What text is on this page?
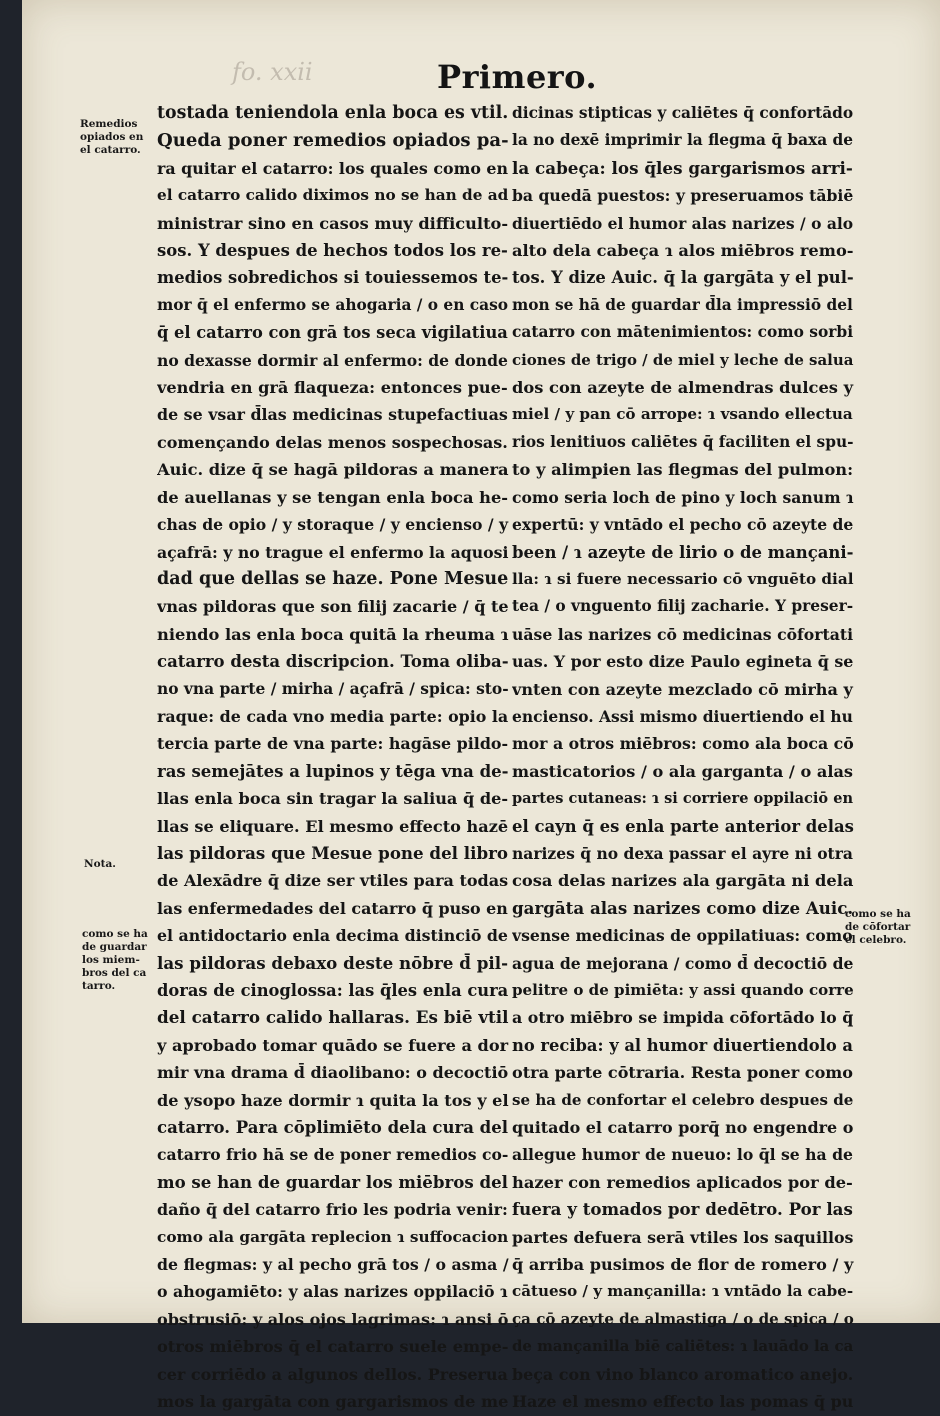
fo. xxii	Primero.
Remedios
opiados en
el catarro.
Nota.
como se ha
de guardar
los miem-
bros del ca
tarro.
como se ha
de cōfortar
el celebro.
tostada teniendola enla boca es vtil.
Queda poner remedios opiados pa-
ra quitar el catarro: los quales como en
el catarro calido diximos no se han de ad
ministrar sino en casos muy difficulto-
sos. Y despues de hechos todos los re-
medios sobredichos si touiessemos te-
mor q̄ el enfermo se ahogaria / o en caso
q̄ el catarro con grā tos seca vigilatiua
no dexasse dormir al enfermo: de donde
vendria en grā flaqueza: entonces pue-
de se vsar d̄las medicinas stupefactiuas
començando delas menos sospechosas.
Auic. dize q̄ se hagā pildoras a manera
de auellanas y se tengan enla boca he-
chas de opio / y storaque / y encienso / y
açafrā: y no trague el enfermo la aquosi
dad que dellas se haze. Pone Mesue
vnas pildoras que son filij zacarie / q̄ te
niendo las enla boca quitā la rheuma ɿ
catarro desta discripcion. Toma oliba-
no vna parte / mirha / açafrā / spica: sto-
raque: de cada vno media parte: opio la
tercia parte de vna parte: hagāse pildo-
ras semejātes a lupinos y tēga vna de-
llas enla boca sin tragar la saliua q̄ de-
llas se eliquare. El mesmo effecto hazē
las pildoras que Mesue pone del libro
de Alexādre q̄ dize ser vtiles para todas
las enfermedades del catarro q̄ puso en
el antidoctario enla decima distinciō de
las pildoras debaxo deste nōbre d̄ pil-
doras de cinoglossa: las q̄les enla cura
del catarro calido hallaras. Es biē vtil
y aprobado tomar quādo se fuere a dor
mir vna drama d̄ diaolibano: o decoctiō
de ysopo haze dormir ɿ quita la tos y el
catarro. Para cōplimiēto dela cura del
catarro frio hā se de poner remedios co-
mo se han de guardar los miēbros del
daño q̄ del catarro frio les podria venir:
como ala gargāta replecion ɿ suffocacion
de flegmas: y al pecho grā tos / o asma /
o ahogamiēto: y alas narizes oppilaciō ɿ
obstrusiō: y alos ojos lagrimas: ɿ ansi ō
otros miēbros q̄ el catarro suele empe-
cer corriēdo a algunos dellos. Preserua
mos la gargāta con gargarismos de me
dicinas stipticas y caliētes q̄ confortādo
la no dexē imprimir la flegma q̄ baxa de
la cabeça: los q̄les gargarismos arri-
ba quedā puestos: y preseruamos tābiē
diuertiēdo el humor alas narizes / o alo
alto dela cabeça ɿ alos miēbros remo-
tos. Y dize Auic. q̄ la gargāta y el pul-
mon se hā de guardar d̄la impressiō del
catarro con mātenimientos: como sorbi
ciones de trigo / de miel y leche de salua
dos con azeyte de almendras dulces y
miel / y pan cō arrope: ɿ vsando ellectua
rios lenitiuos caliētes q̄ faciliten el spu-
to y alimpien las flegmas del pulmon:
como seria loch de pino y loch sanum ɿ
expertū: y vntādo el pecho cō azeyte de
been / ɿ azeyte de lirio o de mançani-
lla: ɿ si fuere necessario cō vnguēto dial
tea / o vnguento filij zacharie. Y preser-
uāse las narizes cō medicinas cōfortati
uas. Y por esto dize Paulo egineta q̄ se
vnten con azeyte mezclado cō mirha y
encienso. Assi mismo diuertiendo el hu
mor a otros miēbros: como ala boca cō
masticatorios / o ala garganta / o alas
partes cutaneas: ɿ si corriere oppilaciō en
el cayn q̄ es enla parte anterior delas
narizes q̄ no dexa passar el ayre ni otra
cosa delas narizes ala gargāta ni dela
gargāta alas narizes como dize Auic.
vsense medicinas de oppilatiuas: como
agua de mejorana / como d̄ decoctiō de
pelitre o de pimiēta: y assi quando corre
a otro miēbro se impida cōfortādo lo q̄
no reciba: y al humor diuertiendolo a
otra parte cōtraria. Resta poner como
se ha de confortar el celebro despues de
quitado el catarro porq̄ no engendre o
allegue humor de nueuo: lo q̄l se ha de
hazer con remedios aplicados por de-
fuera y tomados por dedētro. Por las
partes defuera serā vtiles los saquillos
q̄ arriba pusimos de flor de romero / y
cātueso / y mançanilla: ɿ vntādo la cabe-
ça cō azeyte de almastiga / o de spica / o
de mançanilla biē caliētes: ɿ lauādo la ca
beça con vino blanco aromatico anejo.
Haze el mesmo effecto las pomas q̄ pu
